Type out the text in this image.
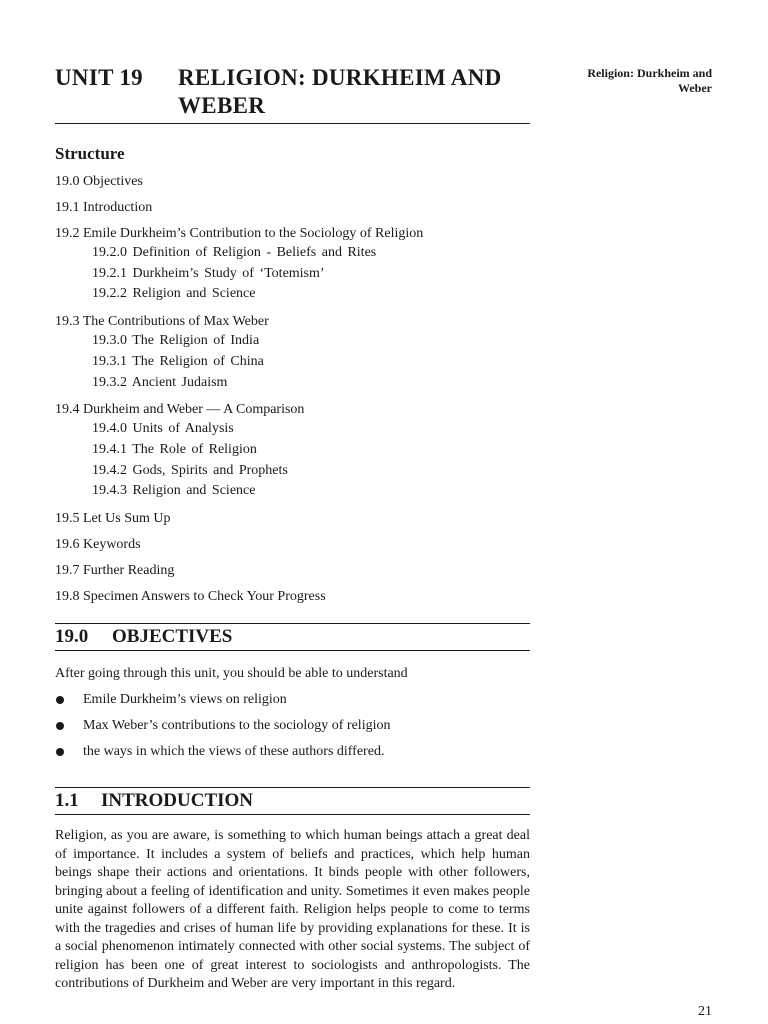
Religion: Durkheim and Weber
UNIT 19	RELIGION: DURKHEIM AND WEBER
Structure
19.0 Objectives
19.1 Introduction
19.2 Emile Durkheim’s Contribution to the Sociology of Religion
19.2.0 Definition of Religion - Beliefs and Rites
19.2.1 Durkheim’s Study of ‘Totemism’
19.2.2 Religion and Science
19.3 The Contributions of Max Weber
19.3.0 The Religion of India
19.3.1 The Religion of China
19.3.2 Ancient Judaism
19.4 Durkheim and Weber — A Comparison
19.4.0 Units of Analysis
19.4.1 The Role of Religion
19.4.2 Gods, Spirits and Prophets
19.4.3 Religion and Science
19.5 Let Us Sum Up
19.6 Keywords
19.7 Further Reading
19.8 Specimen Answers to Check Your Progress
19.0	OBJECTIVES
After going through this unit, you should be able to understand
Emile Durkheim’s views on religion
Max Weber’s contributions to the sociology of religion
the ways in which the views of these authors differed.
1.1	INTRODUCTION

Religion, as you are aware, is something to which human beings attach a great deal of importance. It includes a system of beliefs and practices, which help human beings shape their actions and orientations. It binds people with other followers, bringing about a feeling of identification and unity. Sometimes it even makes people unite against followers of a different faith. Religion helps people to come to terms with the tragedies and crises of human life by providing explanations for these. It is a social phenomenon intimately connected with other social systems. The subject of religion has been one of great interest to sociologists and anthropologists. The contributions of Durkheim and Weber are very important in this regard.

21
